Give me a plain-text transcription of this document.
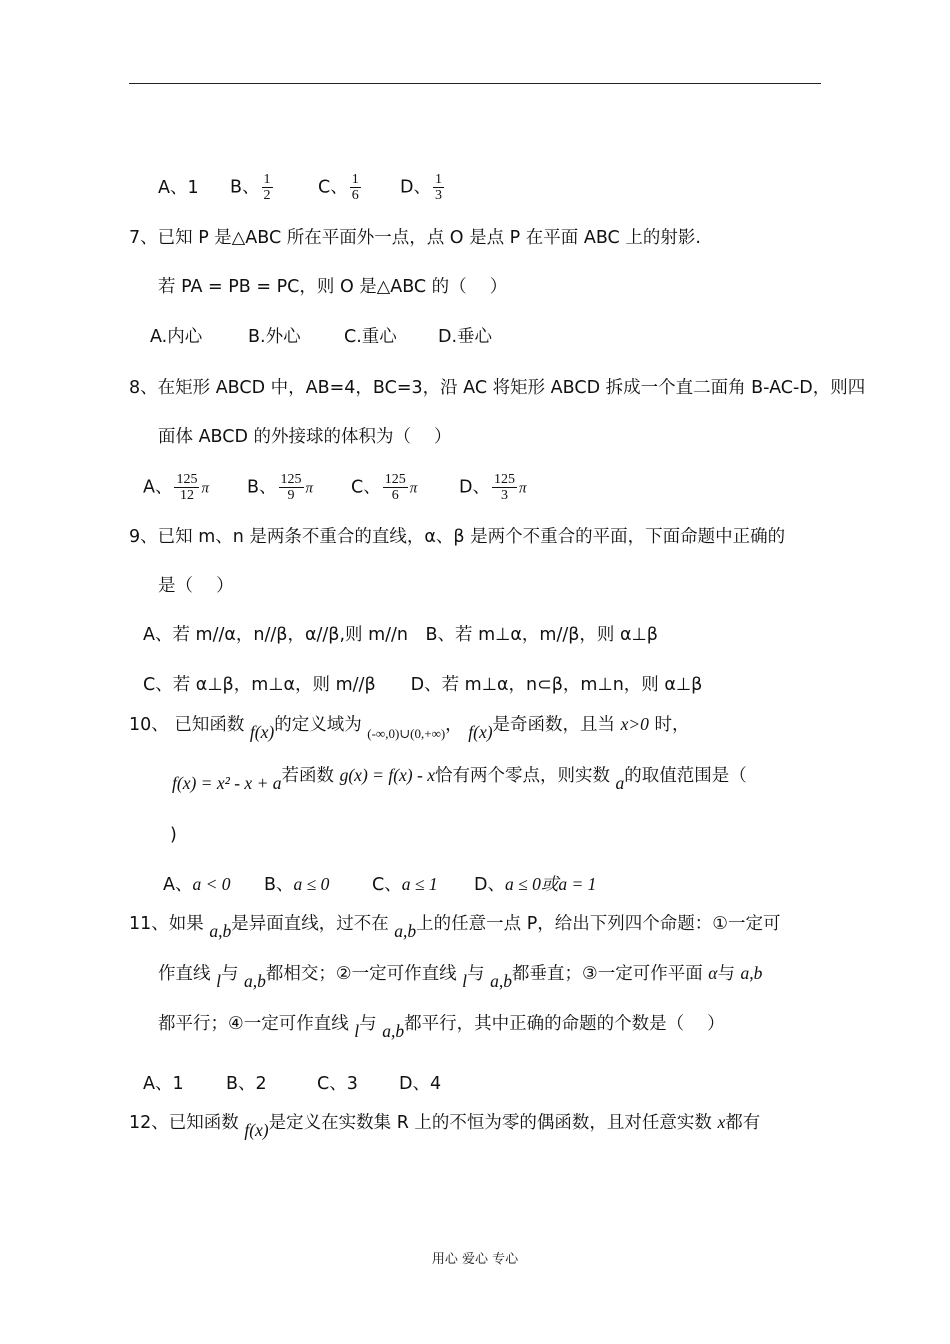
A、1 B、 $\frac{1}{2}$	C、 $\frac{1}{6}$ D、 $\frac{1}{3}$
7、已知 P 是△ABC 所在平面外一点，点 O 是点 P 在平面 ABC 上的射影.
若 PA = PB = PC，则 O 是△ABC 的（　 ）
A.内心	B.外心 C.重心 D.垂心
8、在矩形 ABCD 中，AB=4，BC=3，沿 AC 将矩形 ABCD 拆成一个直二面角 B-AC-D，则四
面体 ABCD 的外接球的体积为（　 ）
A、 $\frac{125}{12}$ π B、 $\frac{125}{9}$ π C、 $\frac{125}{6}$ π D、 $\frac{125}{3}$ π
9、已知 m、n 是两条不重合的直线，α、β 是两个不重合的平面，下面命题中正确的
是（　 ）
A、若 m//α，n//β，α//β,则 m//n　B、若 m⊥α，m//β，则 α⊥β
C、若 α⊥β，m⊥α，则 m//β　　D、若 m⊥α，n⊂β，m⊥n，则 α⊥β
10、 已知函数 f(x)的定义域为 $_{(-\infty,0)\cup(0,+\infty)}$， f(x)是奇函数，且当 x>0 时，
f(x) = x² - x + a若函数 g(x) = f(x) - x恰有两个零点，则实数 a的取值范围是（
)
A、a < 0 B、a ≤ 0 C、a ≤ 1 D、a ≤ 0或a = 1
11、如果 a,b是异面直线，过不在 a,b上的任意一点 P，给出下列四个命题：①一定可
作直线 l与 a,b都相交；②一定可作直线 l与 a,b都垂直；③一定可作平面 α与 a,b
都平行；④一定可作直线 l与 a,b都平行，其中正确的命题的个数是（　 ）
A、1 B、2	C、3 D、4
12、已知函数 f(x)是定义在实数集 R 上的不恒为零的偶函数，且对任意实数 x都有
用心 爱心 专心
